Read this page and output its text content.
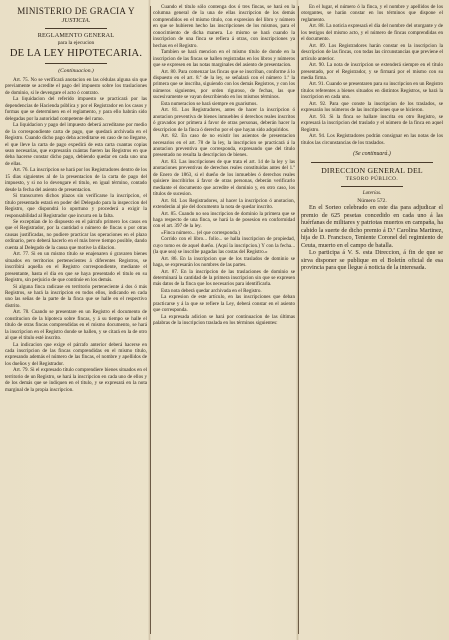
MINISTERIO DE GRACIA Y
JUSTICIA.
REGLAMENTO GENERAL
para la ejecucion
DE LA LEY HIPOTECARIA.
(Continuacion.)

Art. 75. No se verificará anotacion en las cédulas alguna sin que previamente se acredite el pago del impuesto sobre los traslaciones de dominio, si le devengare el acto ó contrato.

La liquidacion del referido impuesto se practicará por las dependencias de Hacienda pública y por el Registrador en los casos y formas que se determinen en el reglamento, y para ello habrán sido delegadas por la autoridad competente del ramo.

La liquidacion y pago del impuesto deberá acreditarse por medio de la correspondiente carta de pago, que quedará archivada en el Registro. Cuando dicho pago deba acreditarse en caso de no llegarse, el que lleve la carta de pago expedirá de esta carta cuantas copias sean necesarias, que expresarán cuántas fueren las Registros en que deba hacerse constar dicho pago, debiendo quedar en cada uno una de ellas.

Art. 76. La inscripcion se hará por los Registradores dentro de los 15 dias siguientes al de la presentacion de la carta de pago del impuesto, y si no lo devengare el titulo, en igual término, contado desde la fecha del asiento de presentacion.

Si transcurren dichos plazos sin verificarse la inscripcion, el título presentado estará en poder del Delegado para la inspeccion del Registro, que dispondrá lo oportuno y procederá a exigir la responsabilidad al Registrador que incurra en la falta.

Se exceptúan de lo dispuesto en el párrafo primero los casos en que el Registrador, por la cantidad o número de fincas o por otras causas justificadas, no pudiere practicar las operaciones en el plazo ordinario, pero deberá hacerlo en el más breve tiempo posible, dando cuenta al Delegado de la causa que motive la dilacion.

Art. 77. Si en un mismo título se enajenaren ó gravaren bienes situados en territorios pertenecientes á diferentes Registros, se inscribirá aquella en el Registro correspondiente, mediante el presentante, hasta el dia en que se haya presentado el titulo en su Registro, sin perjuicio de que continúe en los demás.

Si alguna finca radicase en territorio perteneciente á dos ó más Registros, se hará la inscripcion en todos ellos, indicando en cada uno las señas de la parte de la finca que se halle en el respectivo distrito.

Art. 78. Cuando se presentare en un Registro el documento de constitucion de la hipoteca sobre fincas, y á su tiempo se halle el título de otras fincas comprendidas en el mismo documento, se hará la inscripcion en el Registro donde se hallen, y se citará en la de otro al que el título esté inscrito.

La indicacion que exige el párrafo anterior deberá hacerse en cada inscripcion de las fincas comprendidas en el mismo título, expresando además el número de las fincas, el nombre y apellidos de los dueños y del Registrador.

Art. 79. Si el expresado título comprendiere bienes situados en el territorio de un Registro, se hará la inscripcion en cada uno de ellos y de los demás que se indiquen en el titulo, y se expresará en la nota marginal de la propia inscripcion.

Cuando el título sólo contenga dos ó tres fincas, se hará en la columna general de la una de ellas inscripcion de los demás comprendidos en el mismo título, con expresion del libro y número en que se hubieren hecho las inscripciones de los mismos, para el conocimiento de dicha manera. Lo mismo se hará cuando la inscripcion de una finca se refiera á otras, con inscripciones ya hechas en el Registro.

Tambien se hará mencion en el mismo título de donde en la inscripcion de las fincas se hallen registradas en los libros y números que se expresen en las notas marginales del asiento de presentacion.

Art. 80. Para comenzar las fincas que se inscriban, conforme á lo dispuesto en el art. 8.º de la ley, se señalará con el número 1.º la primera que se inscriba, siguiendo con los demás Registros, y con los números siguientes, por orden riguroso, de fechas, las que sucesivamente se vayan describiendo en los mismos términos.

Esta numeracion se hará siempre en guarismos.

Art. 81. Los Registradores, antes de hacer la inscripcion ó anotacion preventiva de bienes inmuebles ó derechos reales inscritos ó gravados por primera á favor de otras personas, deberán hacer la descripcion de la finca ó derecho por el que hayan sido adquiridos.

Art. 82. En caso de no existir los asientos de presentacion necesarios en el art. 78 de la ley, la inscripcion se practicará á la anotacion preventiva que corresponda, expresando que del título presentado no resulta la descripcion de bienes.

Art. 83. Las inscripciones de que trata el art. 14 de la ley y las anotaciones preventivas de derechos reales constituidas antes del 1.º de Enero de 1863, si el dueño de los inmuebles ó derechos reales quisiere inscribirlos á favor de otras personas, deberán verificarlo mediante el documento que acredite el dominio y, en otro caso, los títulos de sucesion.

Art. 84. Los Registradores, al hacer la inscripcion ó anotacion, extenderán al pie del documento la nota de quedar inscrito.

Art. 85. Cuando no sea inscripcion de dominio la primera que se haga respecto de una finca, se hará la de posesion en conformidad con el art. 397 de la ley.

«Finca número... (el que corresponda.)

Corrido con el libro... folio... se halla inscripcion de propiedad, cuyo tomo es de aquel dueño. (Aquí la inscripcion.) Y con la fecha... (la que sea) se inscribe pagadas las costas del Registro.»

Art. 86. En la inscripcion que de los traslados de dominio se haga, se expresarán los nombres de las partes.

Art. 87. En la inscripcion de las traslaciones de dominio se determinará la cantidad de la primera inscripcion sin que se expresen más datos de la finca que los necesarios para identificarla.

Esta nota deberá quedar archivada en el Registro.

La expresion de este artículo, en las inscripciones que deban practicarse y á la que se refiere la Ley, deberá constar en el asiento que corresponda.

La expresada adicion se hará por continuacion de las últimas palabras de la inscripcion traslada en los términos siguientes:

En el lugar, el número ó la finca, y el nombre y apellidos de los otorgantes, se harán constar en los términos que dispone el reglamento.

Art. 88. La noticia expresará el dia del nombre del otorgante y de los testigos del mismo acto, y el número de fincas comprendidas en el documento.

Art. 89. Los Registradores harán constar en la inscripcion la descripcion de las fincas, con todas las circunstancias que previene el artículo anterior.

Art. 90. La nota de inscripcion se extenderá siempre en el título presentado, por el Registrador, y se firmará por el mismo con su media firma.

Art. 91. Cuando se presentaren para su inscripcion en un Registro títulos referentes a bienes situados en distintos Registros, se hará la inscripcion en cada uno.

Art. 92. Para que conste la inscripcion de los traslados, se expresarán los números de las inscripciones que se hicieron.

Art. 93. Si la finca se hallare inscrita en otro Registro, se expresará la inscripcion del traslado y el número de la finca en aquel Registro.

Art. 94. Los Registradores podrán consignar en las notas de los títulos las circunstancias de los traslados.

(Se continuará.)
DIRECCION GENERAL DEL
TESORO PÚBLICO.
Loterías.
Número 572.

En el Sorteo celebrado en este dia para adjudicar el premio de 625 pesetas concedido en cada uno á las huérfanas de militares y patriotas muertos en campaña, ha cabido la suerte de dicho premio á D.ª Carolina Martinez, hija de D. Francisco, Teniente Coronel del regimiento de Ceuta, muerto en el campo de batalla.

Lo participa á V. S. esta Direccion, á fin de que se sirva disponer se publique en el Boletín oficial de esa provincia para que llegue á noticia de la interesada.
